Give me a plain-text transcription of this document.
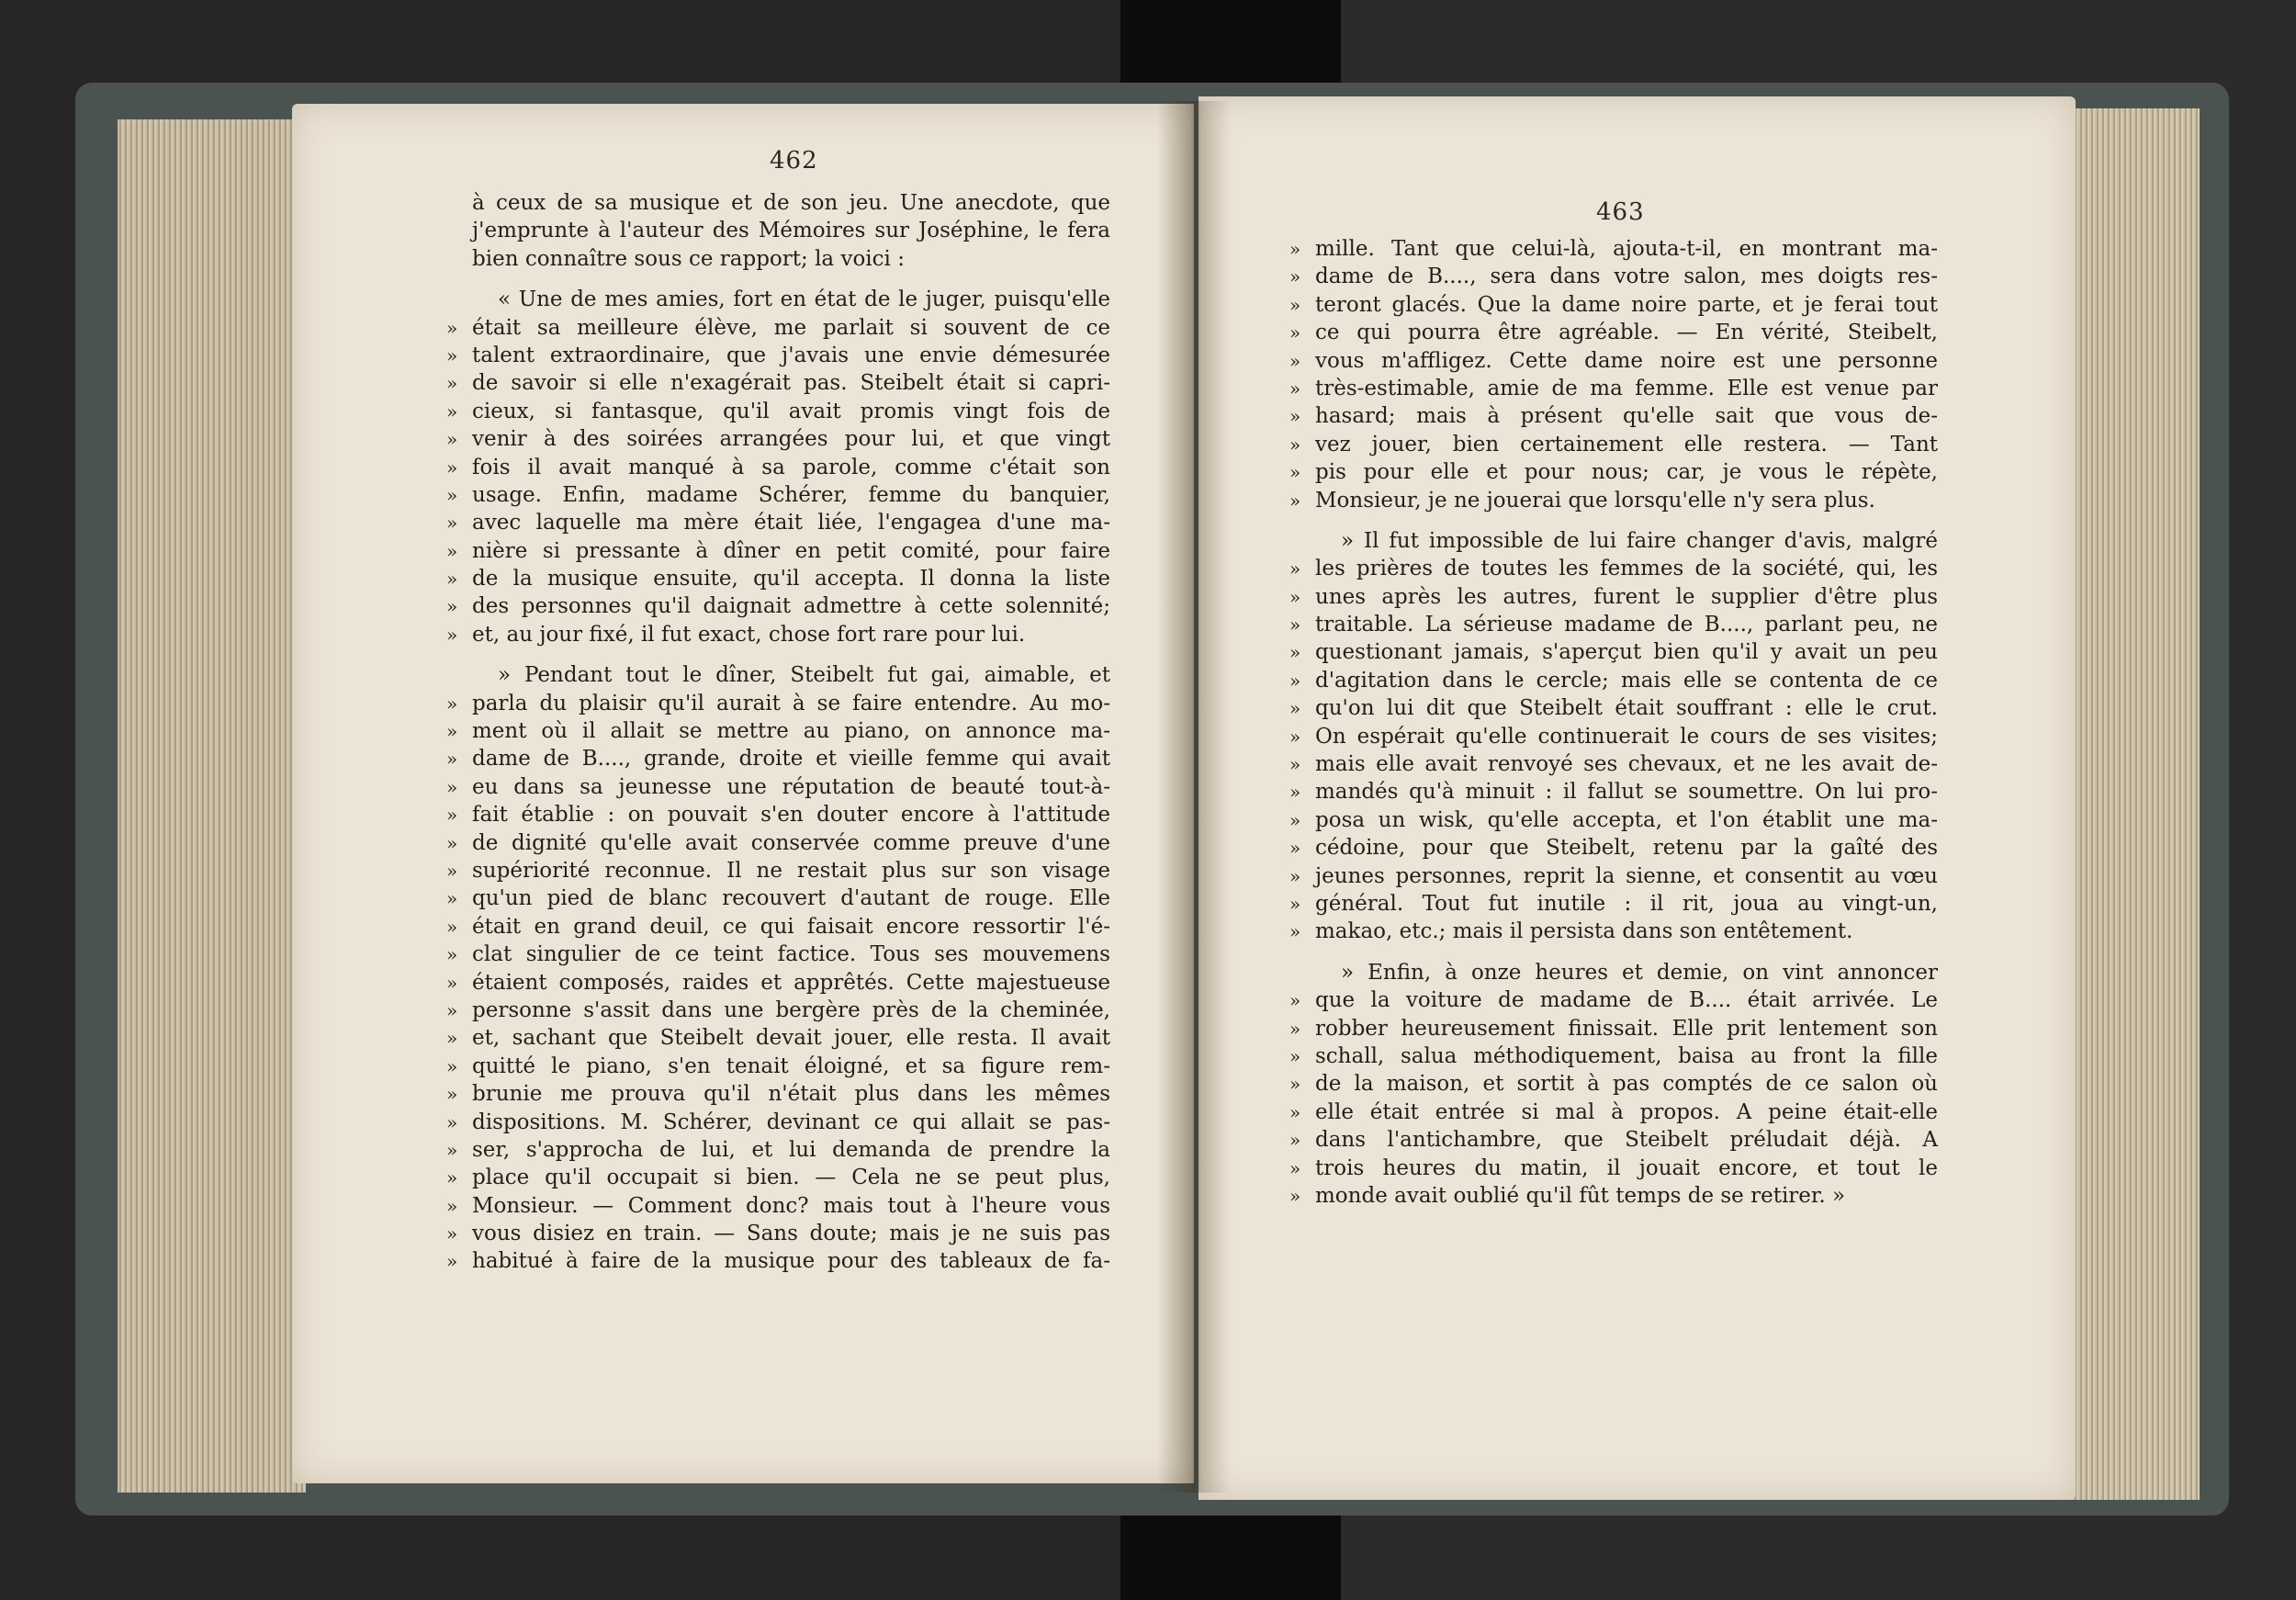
462
463
à ceux de sa musique et de son jeu. Une anecdote, que
j'emprunte à l'auteur des Mémoires sur Joséphine, le fera
bien connaître sous ce rapport; la voici :
« Une de mes amies, fort en état de le juger, puisqu'elle
» était sa meilleure élève, me parlait si souvent de ce
» talent extraordinaire, que j'avais une envie démesurée
» de savoir si elle n'exagérait pas. Steibelt était si capri-
» cieux, si fantasque, qu'il avait promis vingt fois de
» venir à des soirées arrangées pour lui, et que vingt
» fois il avait manqué à sa parole, comme c'était son
» usage. Enfin, madame Schérer, femme du banquier,
» avec laquelle ma mère était liée, l'engagea d'une ma-
» nière si pressante à dîner en petit comité, pour faire
» de la musique ensuite, qu'il accepta. Il donna la liste
» des personnes qu'il daignait admettre à cette solennité;
» et, au jour fixé, il fut exact, chose fort rare pour lui.
» Pendant tout le dîner, Steibelt fut gai, aimable, et
» parla du plaisir qu'il aurait à se faire entendre. Au mo-
» ment où il allait se mettre au piano, on annonce ma-
» dame de B...., grande, droite et vieille femme qui avait
» eu dans sa jeunesse une réputation de beauté tout-à-
» fait établie : on pouvait s'en douter encore à l'attitude
» de dignité qu'elle avait conservée comme preuve d'une
» supériorité reconnue. Il ne restait plus sur son visage
» qu'un pied de blanc recouvert d'autant de rouge. Elle
» était en grand deuil, ce qui faisait encore ressortir l'é-
» clat singulier de ce teint factice. Tous ses mouvemens
» étaient composés, raides et apprêtés. Cette majestueuse
» personne s'assit dans une bergère près de la cheminée,
» et, sachant que Steibelt devait jouer, elle resta. Il avait
» quitté le piano, s'en tenait éloigné, et sa figure rem-
» brunie me prouva qu'il n'était plus dans les mêmes
» dispositions. M. Schérer, devinant ce qui allait se pas-
» ser, s'approcha de lui, et lui demanda de prendre la
» place qu'il occupait si bien. — Cela ne se peut plus,
» Monsieur. — Comment donc? mais tout à l'heure vous
» vous disiez en train. — Sans doute; mais je ne suis pas
» habitué à faire de la musique pour des tableaux de fa-
» mille. Tant que celui-là, ajouta-t-il, en montrant ma-
» dame de B...., sera dans votre salon, mes doigts res-
» teront glacés. Que la dame noire parte, et je ferai tout
» ce qui pourra être agréable. — En vérité, Steibelt,
» vous m'affligez. Cette dame noire est une personne
» très-estimable, amie de ma femme. Elle est venue par
» hasard; mais à présent qu'elle sait que vous de-
» vez jouer, bien certainement elle restera. — Tant
» pis pour elle et pour nous; car, je vous le répète,
» Monsieur, je ne jouerai que lorsqu'elle n'y sera plus.
» Il fut impossible de lui faire changer d'avis, malgré
» les prières de toutes les femmes de la société, qui, les
» unes après les autres, furent le supplier d'être plus
» traitable. La sérieuse madame de B...., parlant peu, ne
» questionant jamais, s'aperçut bien qu'il y avait un peu
» d'agitation dans le cercle; mais elle se contenta de ce
» qu'on lui dit que Steibelt était souffrant : elle le crut.
» On espérait qu'elle continuerait le cours de ses visites;
» mais elle avait renvoyé ses chevaux, et ne les avait de-
» mandés qu'à minuit : il fallut se soumettre. On lui pro-
» posa un wisk, qu'elle accepta, et l'on établit une ma-
» cédoine, pour que Steibelt, retenu par la gaîté des
» jeunes personnes, reprit la sienne, et consentit au vœu
» général. Tout fut inutile : il rit, joua au vingt-un,
» makao, etc.; mais il persista dans son entêtement.
» Enfin, à onze heures et demie, on vint annoncer
» que la voiture de madame de B.... était arrivée. Le
» robber heureusement finissait. Elle prit lentement son
» schall, salua méthodiquement, baisa au front la fille
» de la maison, et sortit à pas comptés de ce salon où
» elle était entrée si mal à propos. A peine était-elle
» dans l'antichambre, que Steibelt préludait déjà. A
» trois heures du matin, il jouait encore, et tout le
» monde avait oublié qu'il fût temps de se retirer. »
